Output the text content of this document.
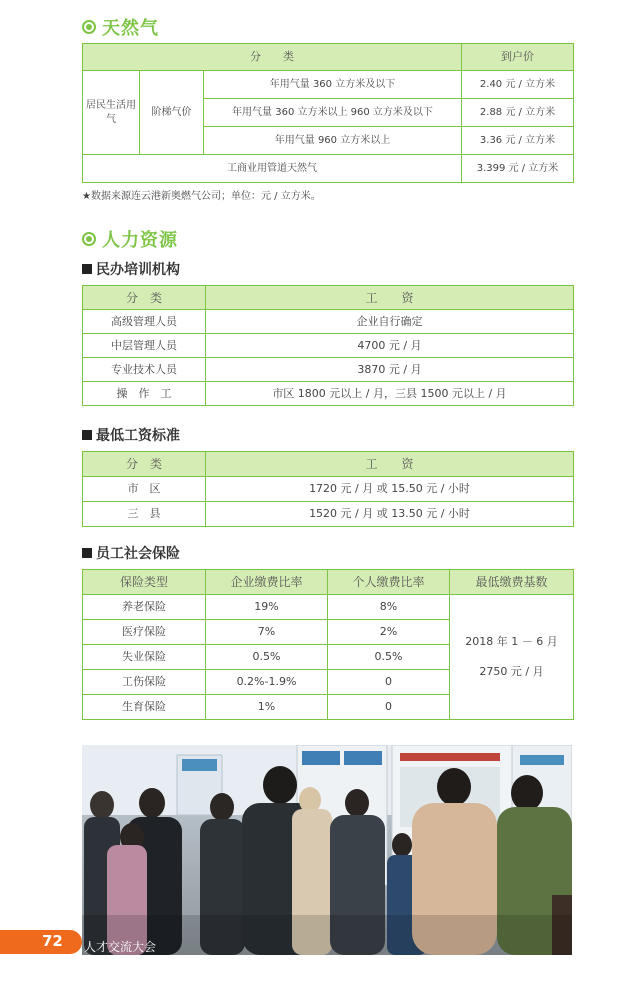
天然气
分　　类			到户价
居民生活用气	阶梯气价	年用气量 360 立方米及以下	2.40 元 / 立方米
		年用气量 360 立方米以上 960 立方米及以下	2.88 元 / 立方米
		年用气量 960 立方米以上	3.36 元 / 立方米
工商业用管道天然气			3.399 元 / 立方米
★数据来源连云港新奥燃气公司；单位：元 / 立方米。
人力资源
民办培训机构
分　类	工　　资
高级管理人员	企业自行确定
中层管理人员	4700 元 / 月
专业技术人员	3870 元 / 月
操　作　工	市区 1800 元以上 / 月，三县 1500 元以上 / 月
最低工资标准
分　类	工　　资
市　区	1720 元 / 月 或 15.50 元 / 小时
三　县	1520 元 / 月 或 13.50 元 / 小时
员工社会保险
保险类型	企业缴费比率	个人缴费比率	最低缴费基数
养老保险	19%	8%	2018 年 1 － 6 月
2750 元 / 月

医疗保险	7%	2%	
失业保险	0.5%	0.5%	
工伤保险	0.2%-1.9%	0	
生育保险	1%	0	
72 人才交流大会
